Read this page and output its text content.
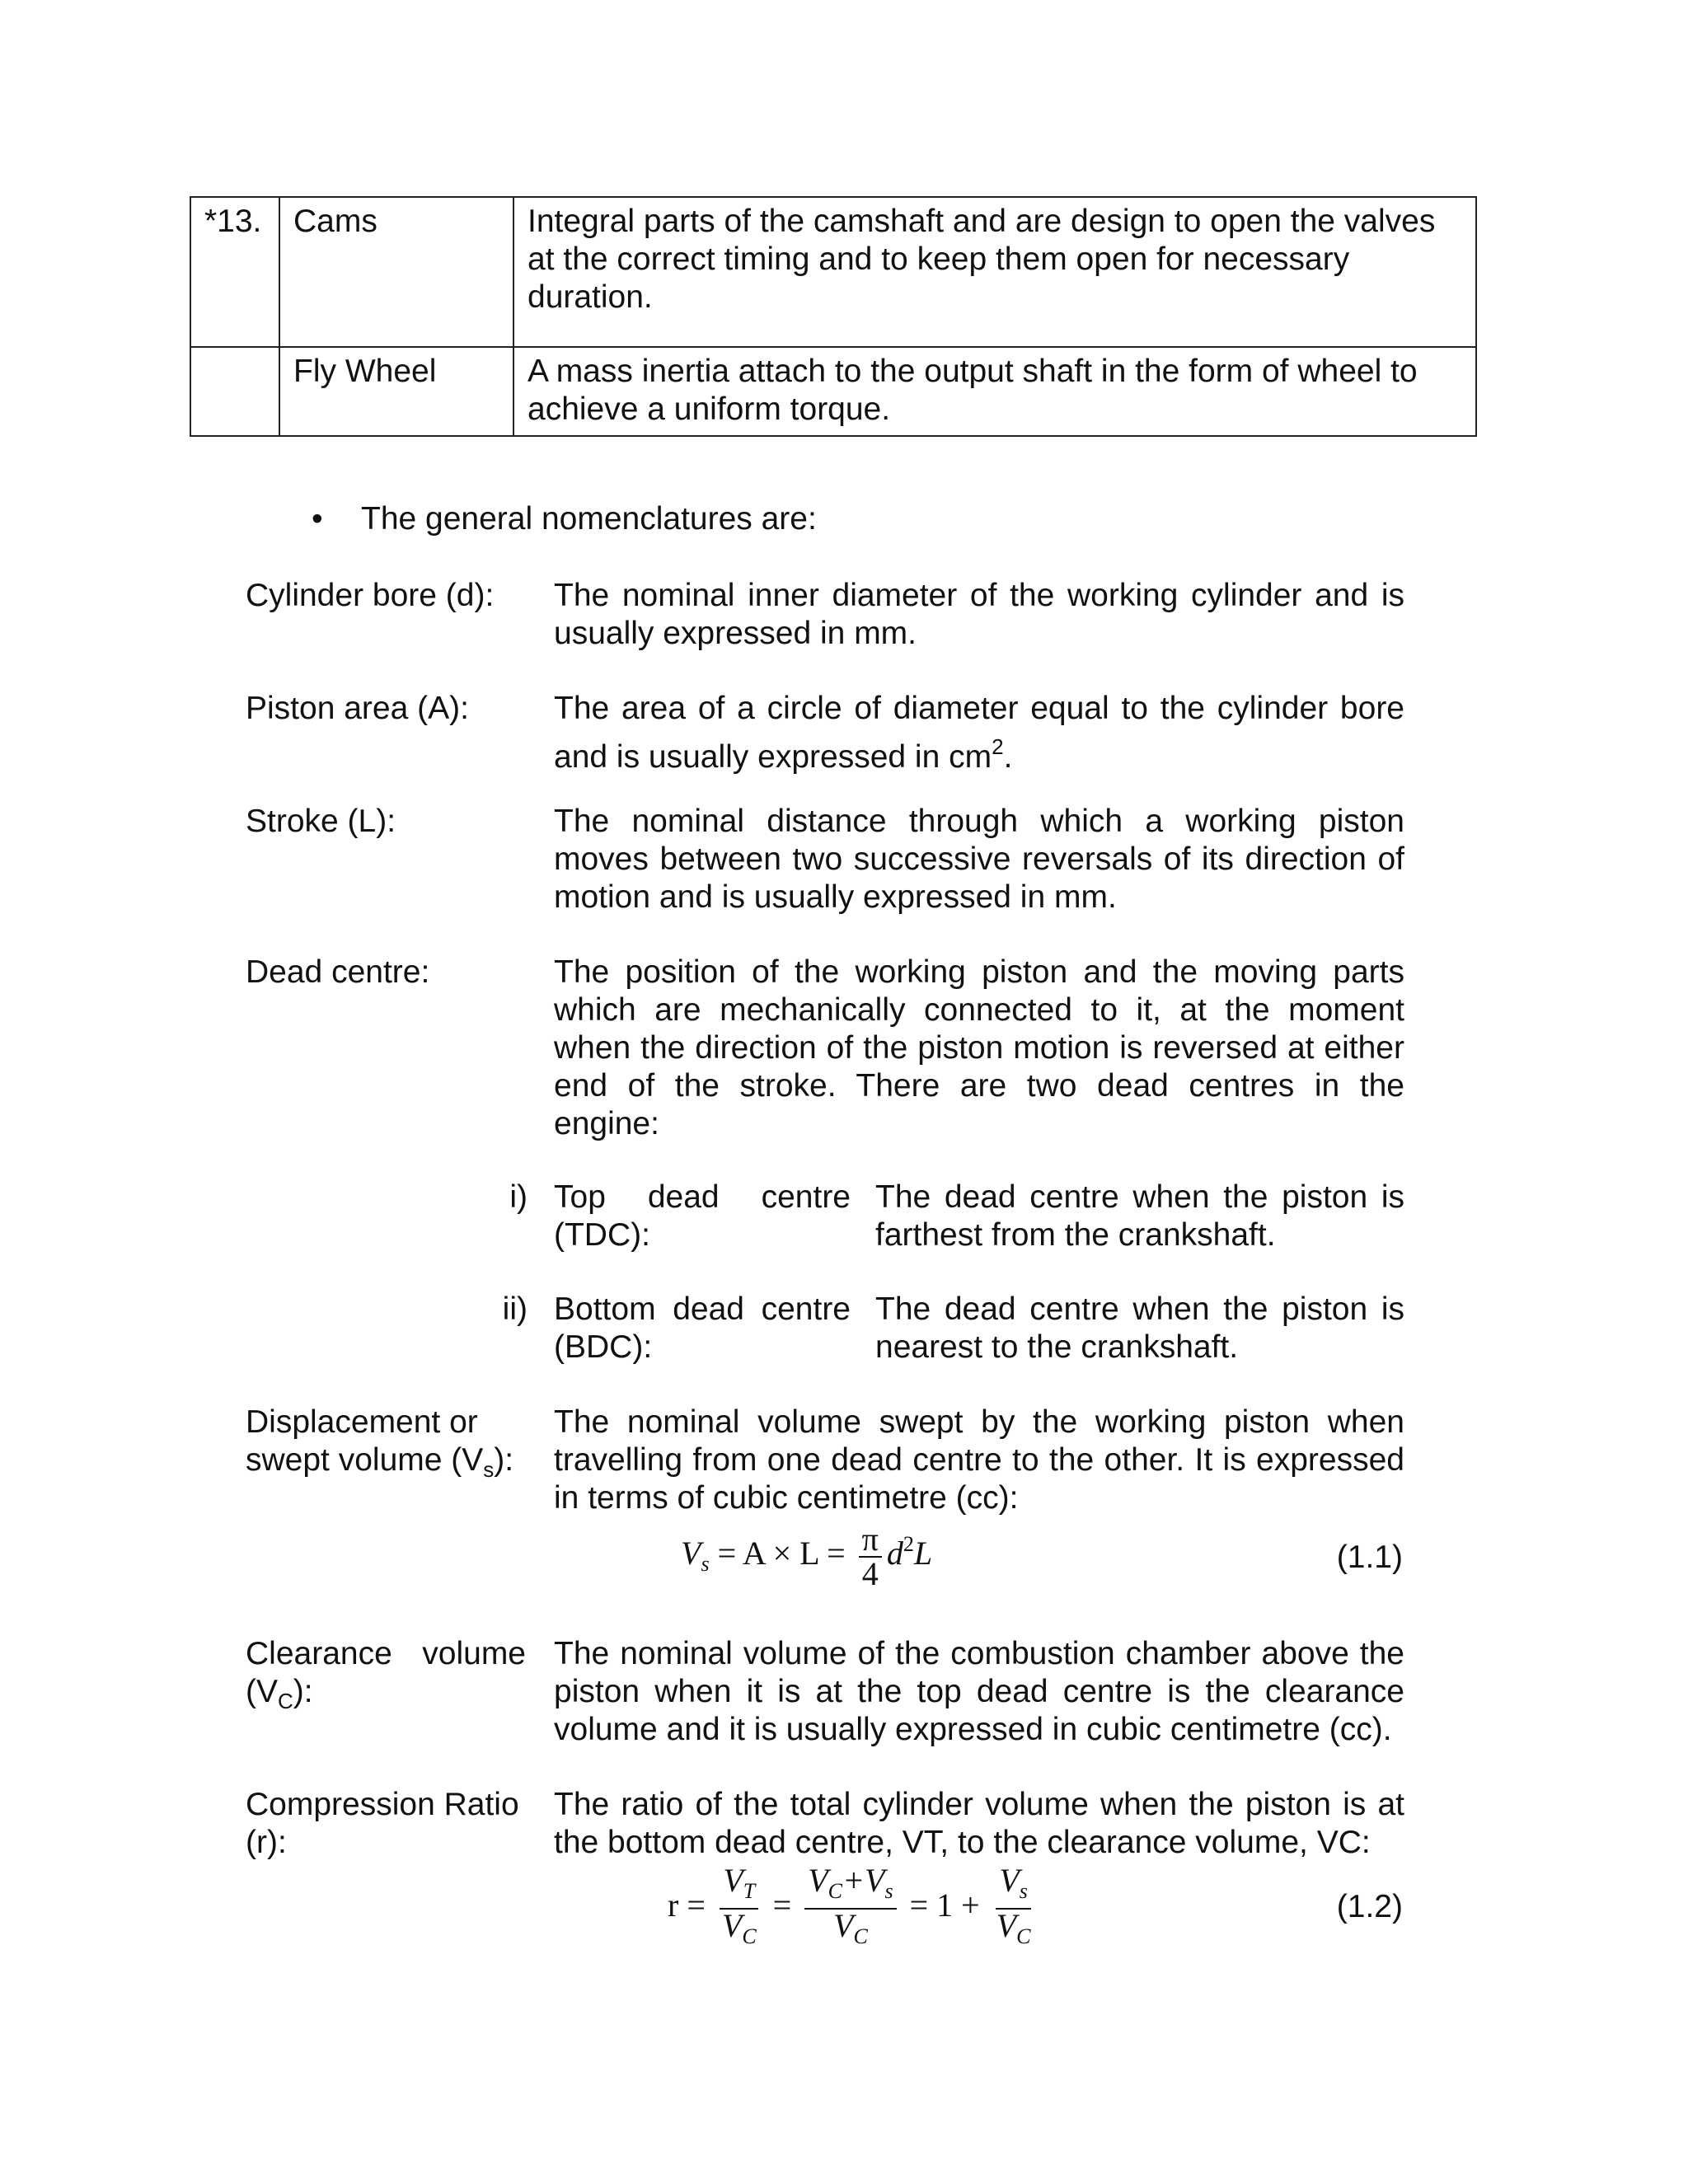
*13.	Cams	Integral parts of the camshaft and are design to open the valves at the correct timing and to keep them open for necessary duration.
	Fly Wheel	A mass inertia attach to the output shaft in the form of wheel to achieve a uniform torque.
• The general nomenclatures are:
Cylinder bore (d): The nominal inner diameter of the working cylinder and is usually expressed in mm.
Piston area (A):	The area of a circle of diameter equal to the cylinder bore and is usually expressed in $cm^2$.
Stroke (L):	The nominal distance through which a working piston moves between two successive reversals of its direction of motion and is usually expressed in mm.
Dead centre:	The position of the working piston and the moving parts which are mechanically connected to it, at the moment when the direction of the piston motion is reversed at either end of the stroke. There are two dead centres in the engine:
i) Top dead centre (TDC):
The dead centre when the piston is farthest from the crankshaft.
ii) Bottom dead centre (BDC):
The dead centre when the piston is nearest to the crankshaft.
Displacement or
swept volume $(V_s)$:
The nominal volume swept by the working piston when travelling from one dead centre to the other. It is expressed in terms of cubic centimetre (cc):
$V_s = A \times L = \frac{\pi}{4} d^2L$	(1.1)
Clearance volume
$(V_C)$:
The nominal volume of the combustion chamber above the piston when it is at the top dead centre is the clearance volume and it is usually expressed in cubic centimetre (cc).
Compression Ratio
(r):
The ratio of the total cylinder volume when the piston is at the bottom dead centre, VT, to the clearance volume, VC:
$r = \frac{V_T}{V_C} = \frac{V_C+V_s}{V_C} = 1 + \frac{V_s}{V_C}$	(1.2)
